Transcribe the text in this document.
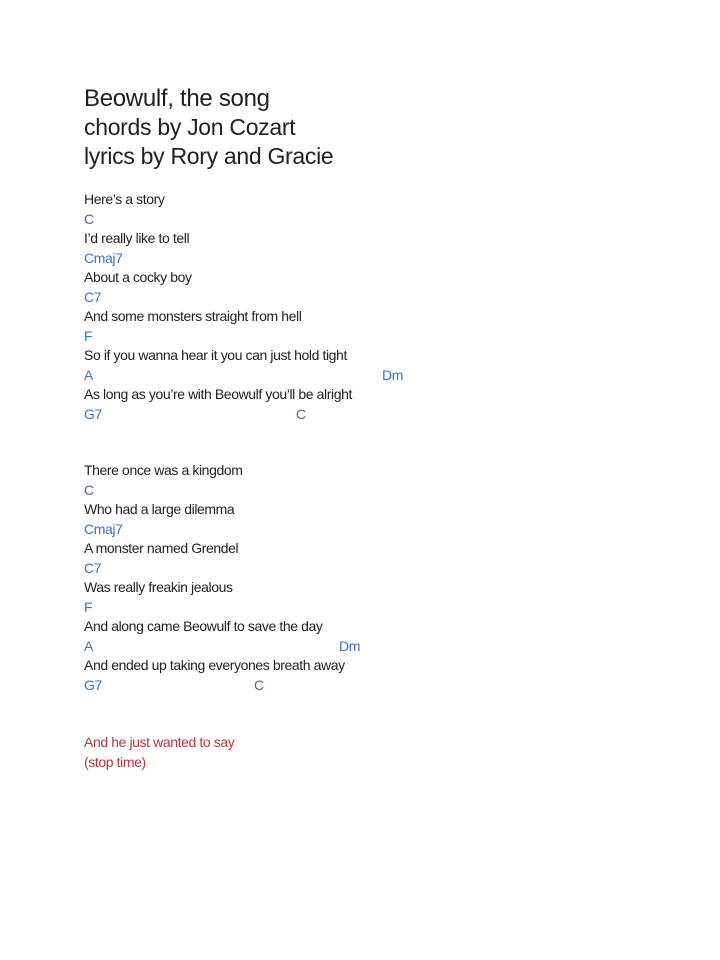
Beowulf, the song
chords by Jon Cozart
lyrics by Rory and Gracie
Here’s a story
C
I’d really like to tell
Cmaj7
About a cocky boy
C7
And some monsters straight from hell
F
So if you wanna hear it you can just hold tight
A	Dm
As long as you’re with Beowulf you’ll be alright
G7	C
There once was a kingdom
C
Who had a large dilemma
Cmaj7
A monster named Grendel
C7
Was really freakin jealous
F
And along came Beowulf to save the day
A	Dm
And ended up taking everyones breath away
G7	C
And he just wanted to say
(stop time)
